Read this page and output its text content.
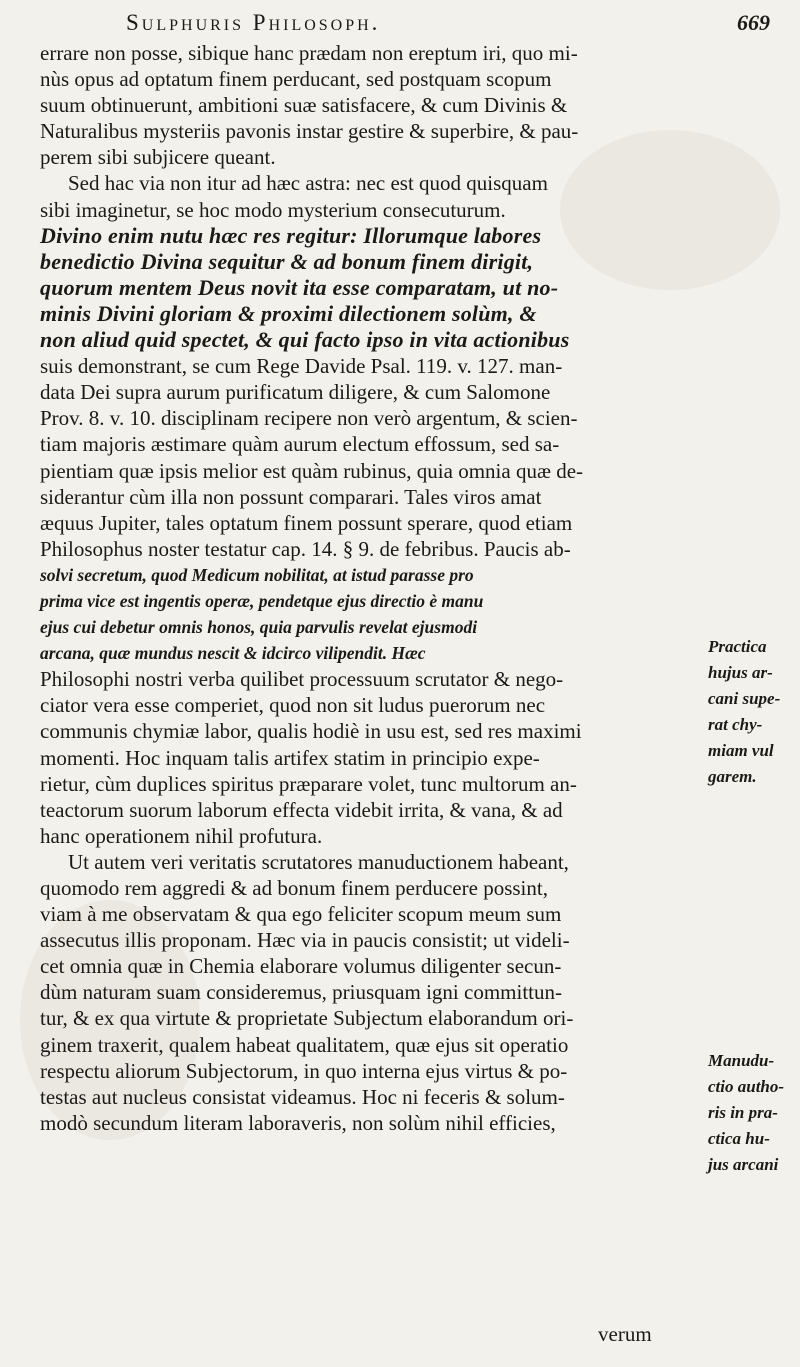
Sulphuris Philosoph.	669
errare non posse, sibique hanc prædam non ereptum iri, quo mi-
nùs opus ad optatum finem perducant, sed postquam scopum
suum obtinuerunt, ambitioni suæ satisfacere, & cum Divinis &
Naturalibus mysteriis pavonis instar gestire & superbire, & pau-
perem sibi subjicere queant.
Sed hac via non itur ad hæc astra: nec est quod quisquam
sibi imaginetur, se hoc modo mysterium consecuturum.
Divino enim nutu hæc res regitur: Illorumque labores
benedictio Divina sequitur & ad bonum finem dirigit,
quorum mentem Deus novit ita esse comparatam, ut no-
minis Divini gloriam & proximi dilectionem solùm, &
non aliud quid spectet, & qui facto ipso in vita actionibus
suis demonstrant, se cum Rege Davide Psal. 119. v. 127. man-
data Dei supra aurum purificatum diligere, & cum Salomone
Prov. 8. v. 10. disciplinam recipere non verò argentum, & scien-
tiam majoris æstimare quàm aurum electum effossum, sed sa-
pientiam quæ ipsis melior est quàm rubinus, quia omnia quæ de-
siderantur cùm illa non possunt comparari. Tales viros amat
æquus Jupiter, tales optatum finem possunt sperare, quod etiam
Philosophus noster testatur cap. 14. § 9. de febribus. Paucis ab-
solvi secretum, quod Medicum nobilitat, at istud parasse pro
prima vice est ingentis operæ, pendetque ejus directio è manu
ejus cui debetur omnis honos, quia parvulis revelat ejusmodi
arcana, quæ mundus nescit & idcirco vilipendit. Hæc
Philosophi nostri verba quilibet processuum scrutator & nego-
ciator vera esse comperiet, quod non sit ludus puerorum nec
communis chymiæ labor, qualis hodiè in usu est, sed res maximi
momenti. Hoc inquam talis artifex statim in principio expe-
rietur, cùm duplices spiritus præparare volet, tunc multorum an-
teactorum suorum laborum effecta videbit irrita, & vana, & ad
hanc operationem nihil profutura.
Ut autem veri veritatis scrutatores manuductionem habeant,
quomodo rem aggredi & ad bonum finem perducere possint,
viam à me observatam & qua ego feliciter scopum meum sum
assecutus illis proponam. Hæc via in paucis consistit; ut videli-
cet omnia quæ in Chemia elaborare volumus diligenter secun-
dùm naturam suam consideremus, priusquam igni committun-
tur, & ex qua virtute & proprietate Subjectum elaborandum ori-
ginem traxerit, qualem habeat qualitatem, quæ ejus sit operatio
respectu aliorum Subjectorum, in quo interna ejus virtus & po-
testas aut nucleus consistat videamus. Hoc ni feceris & solum-
modò secundum literam laboraveris, non solùm nihil efficies,
Practica
hujus ar-
cani supe-
rat chy-
miam vul
garem.
Manudu-
ctio autho-
ris in pra-
ctica hu-
jus arcani
verum
